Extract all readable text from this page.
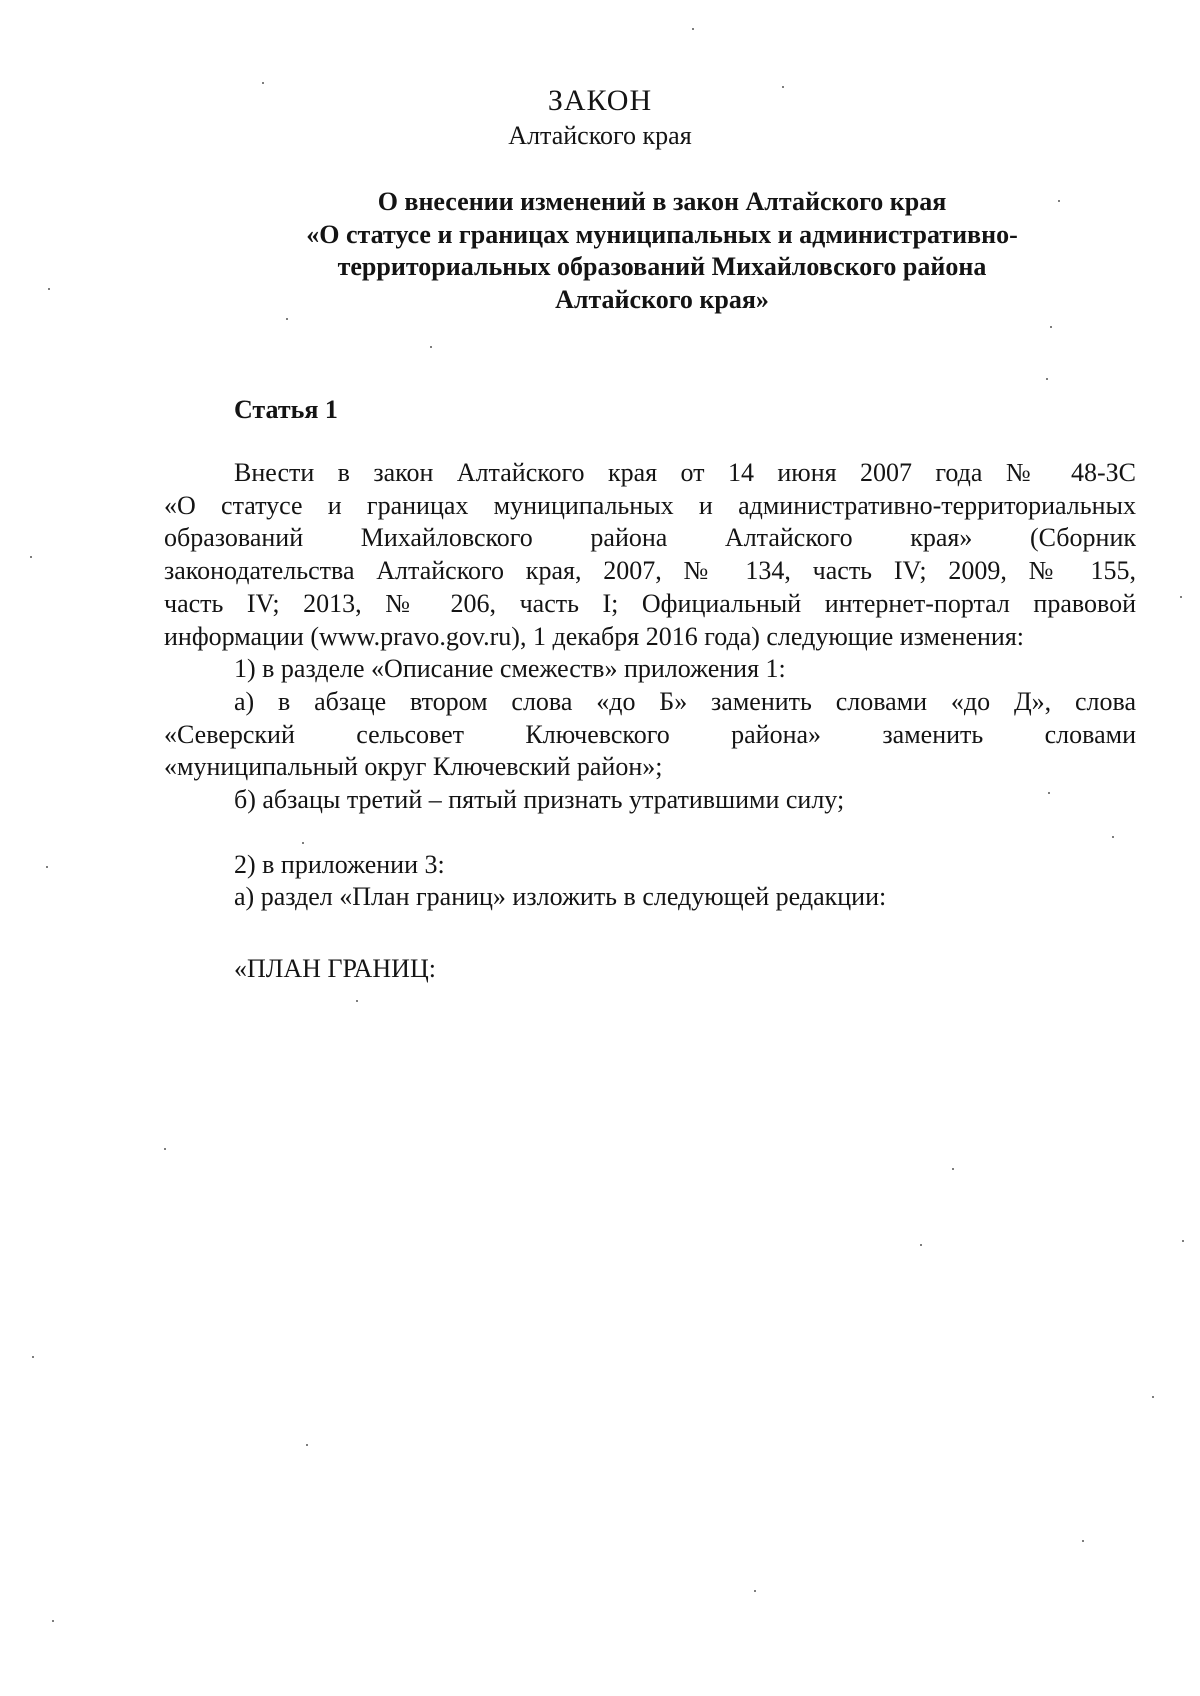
ЗАКОН
Алтайского края
О внесении изменений в закон Алтайского края
«О статусе и границах муниципальных и административно-
территориальных образований Михайловского района
Алтайского края»
Статья 1
Внести в закон Алтайского края от 14 июня 2007 года № 48-ЗС
«О статусе и границах муниципальных и административно-территориальных
образований Михайловского района Алтайского края» (Сборник
законодательства Алтайского края, 2007, № 134, часть IV; 2009, № 155,
часть IV; 2013, № 206, часть I; Официальный интернет-портал правовой
информации (www.pravo.gov.ru), 1 декабря 2016 года) следующие изменения:
1) в разделе «Описание смежеств» приложения 1:
а) в абзаце втором слова «до Б» заменить словами «до Д», слова
«Северский сельсовет Ключевского района» заменить словами
«муниципальный округ Ключевский район»;
б) абзацы третий – пятый признать утратившими силу;
2) в приложении 3:
а) раздел «План границ» изложить в следующей редакции:
«ПЛАН ГРАНИЦ:
